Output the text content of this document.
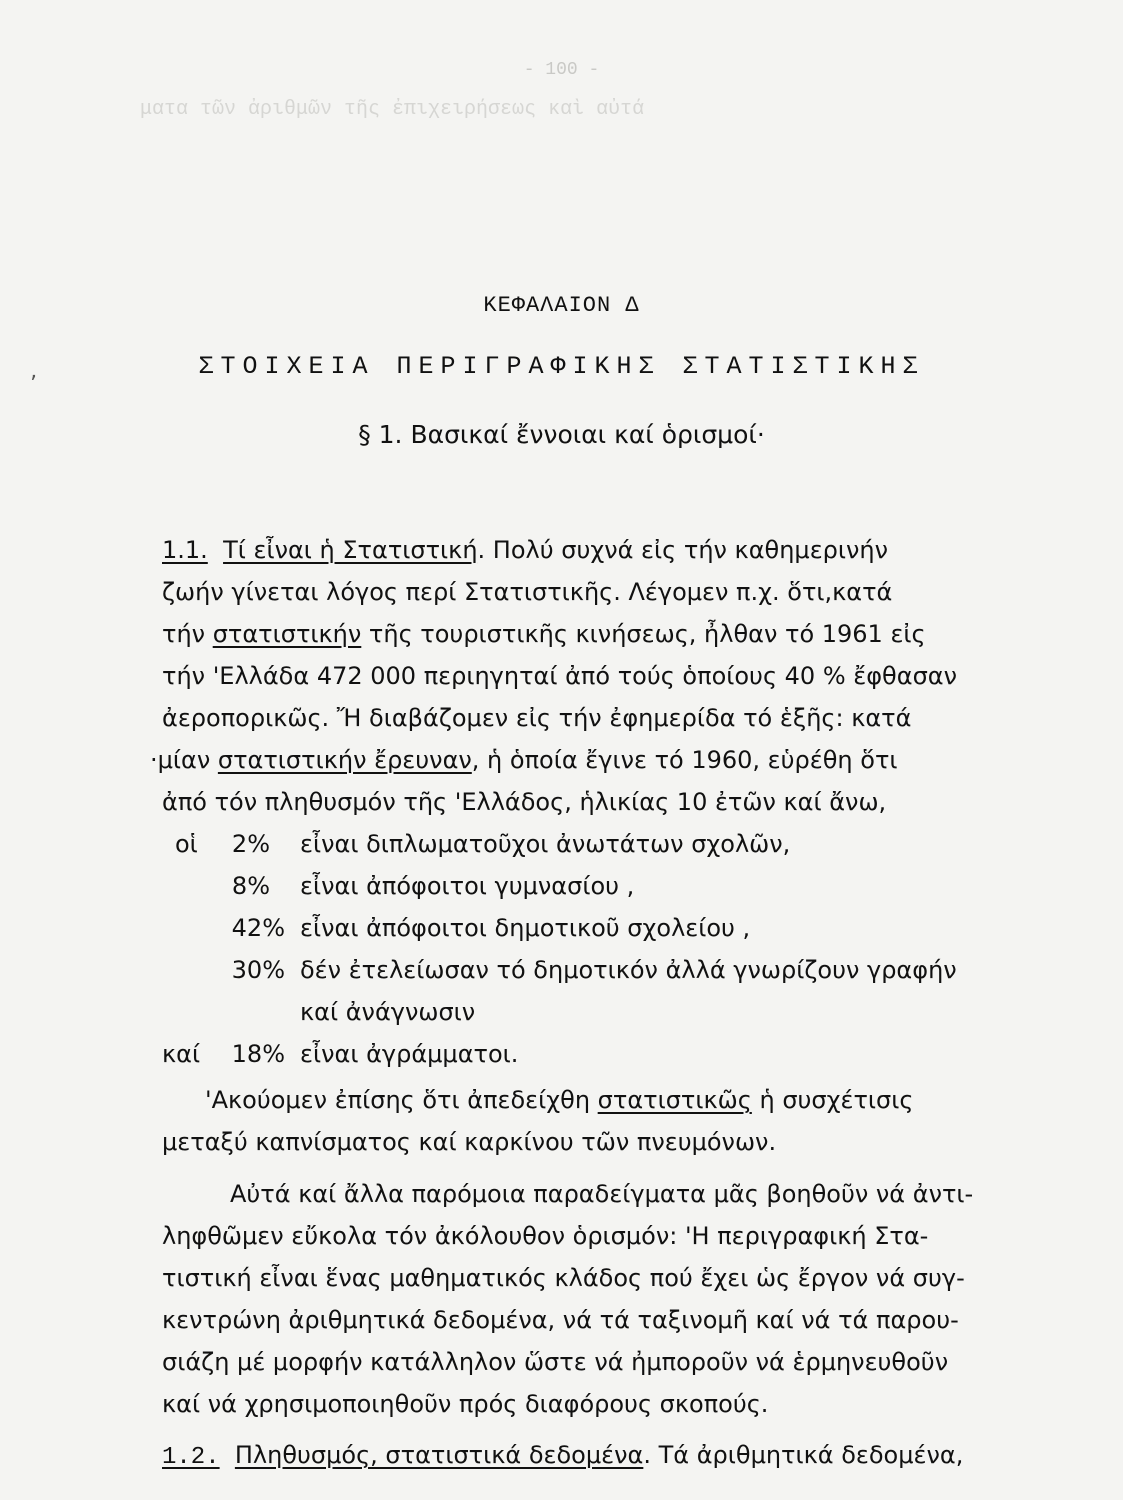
- 100 -
ματα τῶν ἀριθμῶν τῆς ἐπιχειρήσεως καὶ αὐτά
ΚΕΦΑΛΑΙΟΝ Δ
ʼ
ΣΤΟΙΧΕΙΑ ΠΕΡΙΓΡΑΦΙΚΗΣ ΣΤΑΤΙΣΤΙΚΗΣ
§ 1. Βασικαί ἔννοιαι καί ὁρισμοί·
1.1. Τί εἶναι ἡ Στατιστική. Πολύ συχνά εἰς τήν καθημερινήν
ζωήν γίνεται λόγος περί Στατιστικῆς. Λέγομεν π.χ. ὅτι,κατά
τήν στατιστικήν τῆς τουριστικῆς κινήσεως, ἦλθαν τό 1961 εἰς
τήν 'Ελλάδα 472 000 περιηγηταί ἀπό τούς ὁποίους 40 % ἔφθασαν
ἀεροπορικῶς. Ἤ διαβάζομεν εἰς τήν ἐφημερίδα τό ἑξῆς: κατά
·μίαν στατιστικήν ἔρευναν, ἡ ὁποία ἔγινε τό 1960, εὑρέθη ὅτι
ἀπό τόν πληθυσμόν τῆς 'Ελλάδος, ἡλικίας 10 ἐτῶν καί ἄνω,
οἱ	2% εἶναι διπλωματοῦχοι ἀνωτάτων σχολῶν,
8% εἶναι ἀπόφοιτοι γυμνασίου ,
42% εἶναι ἀπόφοιτοι δημοτικοῦ σχολείου ,
30% δέν ἐτελείωσαν τό δημοτικόν ἀλλά γνωρίζουν γραφήν
καί ἀνάγνωσιν
καί	18% εἶναι ἀγράμματοι.
'Ακούομεν ἐπίσης ὅτι ἀπεδείχθη στατιστικῶς ἡ συσχέτισις
μεταξύ καπνίσματος καί καρκίνου τῶν πνευμόνων.
Αὐτά καί ἄλλα παρόμοια παραδείγματα μᾶς βοηθοῦν νά ἀντι-
ληφθῶμεν εὔκολα τόν ἀκόλουθον ὁρισμόν: 'Η περιγραφική Στα-
τιστική εἶναι ἕνας μαθηματικός κλάδος πού ἔχει ὡς ἔργον νά συγ-
κεντρώνη ἀριθμητικά δεδομένα, νά τά ταξινομῆ καί νά τά παρου-
σιάζη μέ μορφήν κατάλληλον ὥστε νά ἠμποροῦν νά ἑρμηνευθοῦν
καί νά χρησιμοποιηθοῦν πρός διαφόρους σκοπούς.
1.2. Πληθυσμός, στατιστικά δεδομένα. Τά ἀριθμητικά δεδομένα,
